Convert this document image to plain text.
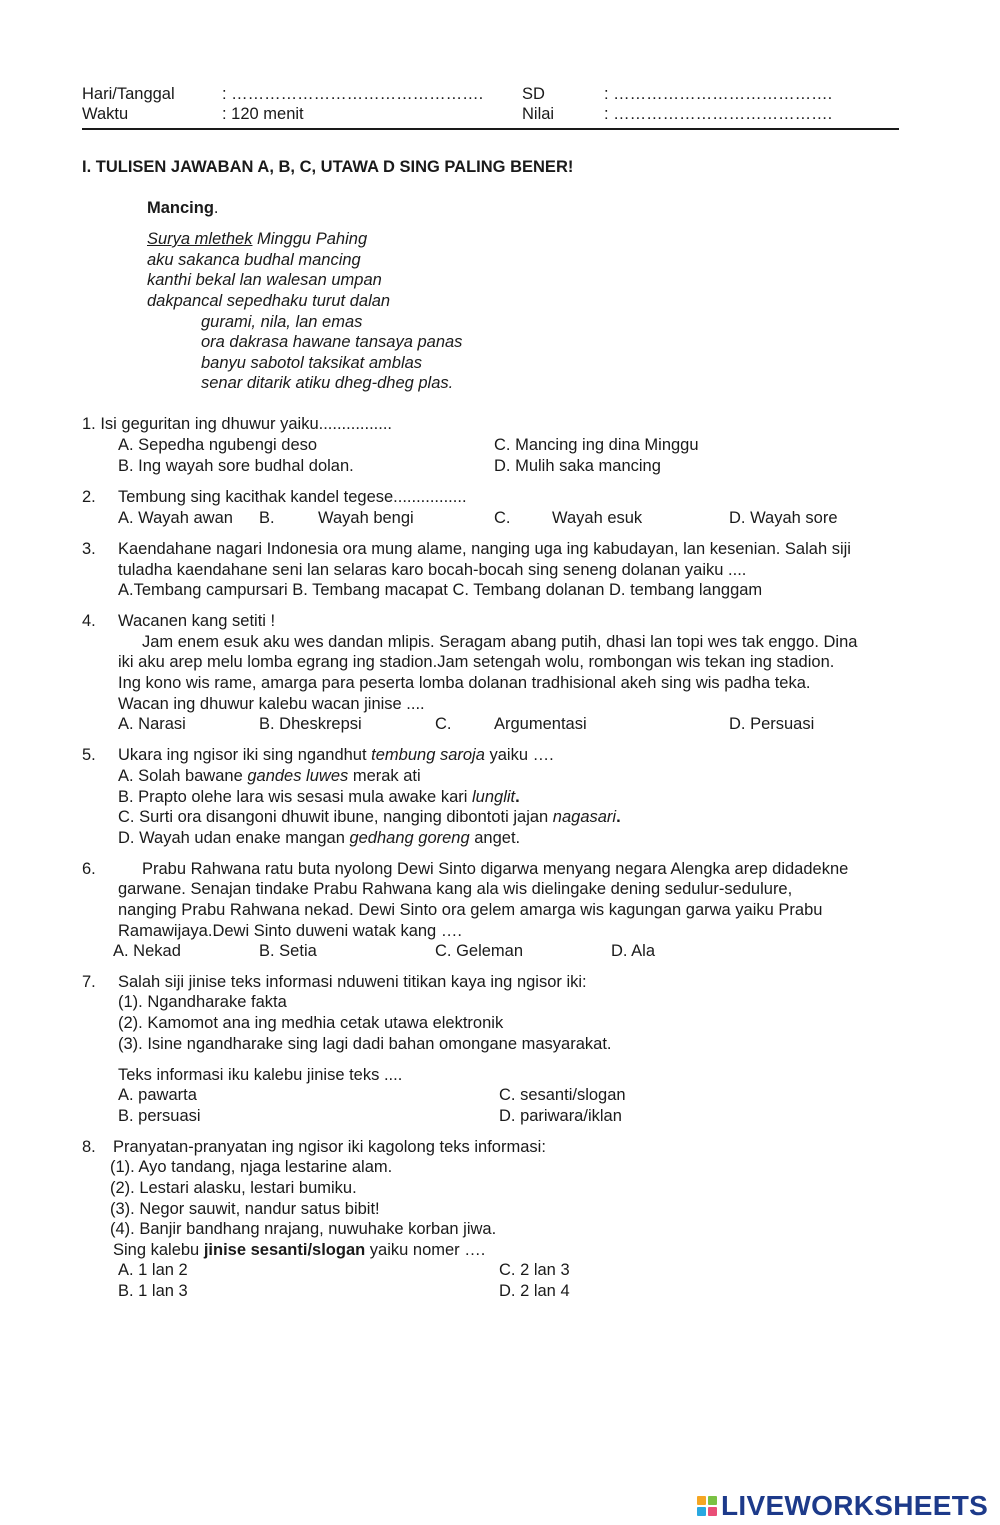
Hari/Tanggal	: ………………………………………. SD	: ………………………………….
Waktu	: 120 menit	Nilai	: ………………………………….
I. TULISEN JAWABAN A, B, C, UTAWA D SING PALING BENER!
Mancing.
Surya mlethek Minggu Pahing
aku sakanca budhal mancing
kanthi bekal lan walesan umpan
dakpancal sepedhaku turut dalan
gurami, nila, lan emas
ora dakrasa hawane tansaya panas
banyu sabotol taksikat amblas
senar ditarik atiku dheg-dheg plas.
1. Isi geguritan ing dhuwur yaiku................
A. Sepedha ngubengi deso
B. Ing wayah sore budhal dolan.
C. Mancing ing dina Minggu
D. Mulih saka mancing
2. Tembung sing kacithak kandel tegese................
A. Wayah awan B.	Wayah bengi	C.	Wayah esuk	D. Wayah sore
3. Kaendahane nagari Indonesia ora mung alame, nanging uga ing kabudayan, lan kesenian. Salah siji
tuladha kaendahane seni lan selaras karo bocah-bocah sing seneng dolanan yaiku ....
A.Tembang campursari B. Tembang macapat C. Tembang dolanan D. tembang langgam
4. Wacanen kang setiti !
Jam enem esuk aku wes dandan mlipis. Seragam abang putih, dhasi lan topi wes tak enggo. Dina
iki aku arep melu lomba egrang ing stadion.Jam setengah wolu, rombongan wis tekan ing stadion.
Ing kono wis rame, amarga para peserta lomba dolanan tradhisional akeh sing wis padha teka.
Wacan ing dhuwur kalebu wacan jinise ....
A. Narasi	B. Dheskrepsi	C.	Argumentasi	D. Persuasi
5. Ukara ing ngisor iki sing ngandhut tembung saroja yaiku ….
A. Solah bawane gandes luwes merak ati
B. Prapto olehe lara wis sesasi mula awake kari lunglit.
C. Surti ora disangoni dhuwit ibune, nanging dibontoti jajan nagasari.
D. Wayah udan enake mangan gedhang goreng anget.
6.	Prabu Rahwana ratu buta nyolong Dewi Sinto digarwa menyang negara Alengka arep didadekne
garwane. Senajan tindake Prabu Rahwana kang ala wis dielingake dening sedulur-sedulure,
nanging Prabu Rahwana nekad. Dewi Sinto ora gelem amarga wis kagungan garwa yaiku Prabu
Ramawijaya.Dewi Sinto duweni watak kang ….
A. Nekad	B. Setia	C. Geleman	D. Ala
7. Salah siji jinise teks informasi nduweni titikan kaya ing ngisor iki:
(1). Ngandharake fakta
(2). Kamomot ana ing medhia cetak utawa elektronik
(3). Isine ngandharake sing lagi dadi bahan omongane masyarakat.
Teks informasi iku kalebu jinise teks ....
A. pawarta
B. persuasi
C. sesanti/slogan
D. pariwara/iklan
8. Pranyatan-pranyatan ing ngisor iki kagolong teks informasi:
(1). Ayo tandang, njaga lestarine alam.
(2). Lestari alasku, lestari bumiku.
(3). Negor sauwit, nandur satus bibit!
(4). Banjir bandhang nrajang, nuwuhake korban jiwa.
Sing kalebu jinise sesanti/slogan yaiku nomer ….
A. 1 lan 2
B. 1 lan 3
C. 2 lan 3
D. 2 lan 4
LIVEWORKSHEETS
